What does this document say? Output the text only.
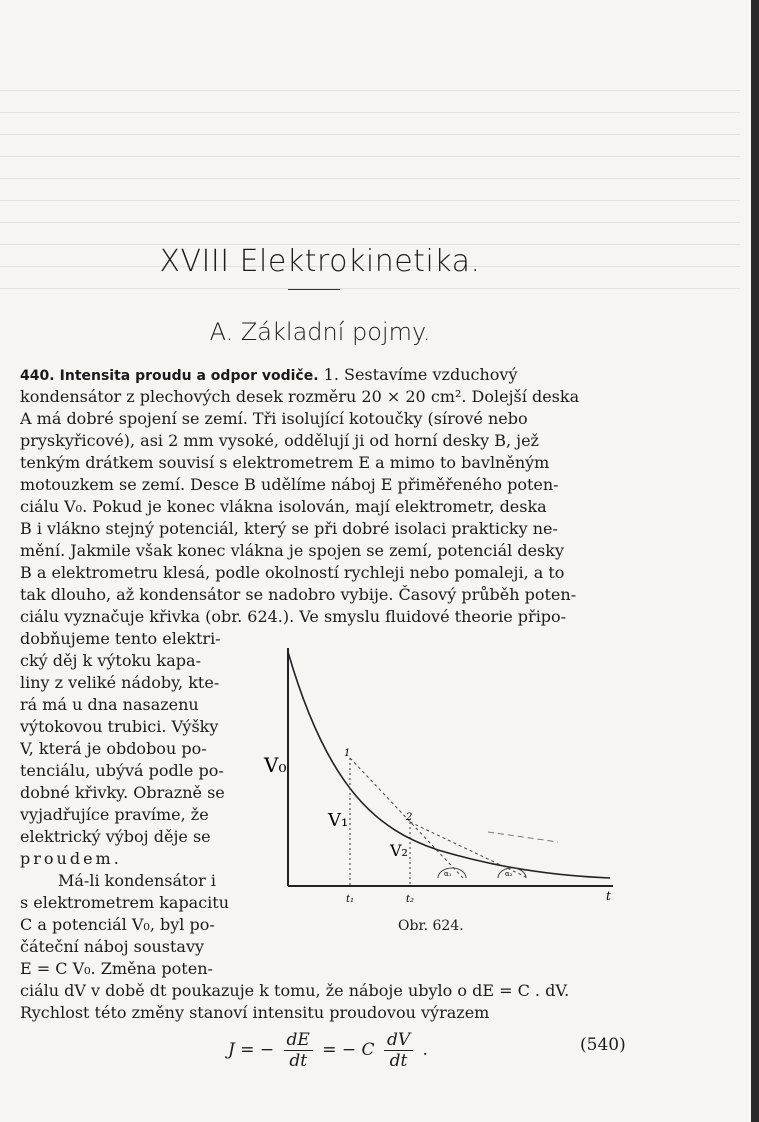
XVIII Elektrokinetika.
A. Základní pojmy.
440. Intensita proudu a odpor vodiče. 1. Sestavíme vzduchový
kondensátor z plechových desek rozměru 20 × 20 cm². Dolejší deska
A má dobré spojení se zemí. Tři isolující kotoučky (sírové nebo
pryskyřicové), asi 2 mm vysoké, oddělují ji od horní desky B, jež
tenkým drátkem souvisí s elektrometrem E a mimo to bavlněným
motouzkem se zemí. Desce B udělíme náboj E přiměřeného poten-
ciálu V₀. Pokud je konec vlákna isolován, mají elektrometr, deska
B i vlákno stejný potenciál, který se při dobré isolaci prakticky ne-
mění. Jakmile však konec vlákna je spojen se zemí, potenciál desky
B a elektrometru klesá, podle okolností rychleji nebo pomaleji, a to
tak dlouho, až kondensátor se nadobro vybije. Časový průběh poten-
ciálu vyznačuje křivka (obr. 624.). Ve smyslu fluidové theorie připo-
dobňujeme tento elektri-
cký děj k výtoku kapa-
liny z veliké nádoby, kte-
rá má u dna nasazenu
výtokovou trubici. Výšky
V, která je obdobou po-
tenciálu, ubývá podle po-
dobné křivky. Obrazně se
vyjadřujíce pravíme, že
elektrický výboj děje se
proudem.
Má-li kondensátor i
s elektrometrem kapacitu
C a potenciál V₀, byl po-
čáteční náboj soustavy
E = C V₀. Změna poten-
ciálu dV v době dt poukazuje k tomu, že náboje ubylo o dE = C . dV.
Rychlost této změny stanoví intensitu proudovou výrazem
V₀
V₁
V₂
1
2
t₁	t₂	t
α₁	α₂
Obr. 624.
J = − $\frac{dE}{dt}$ = − C $\frac{dV}{dt}$ .	(540)
